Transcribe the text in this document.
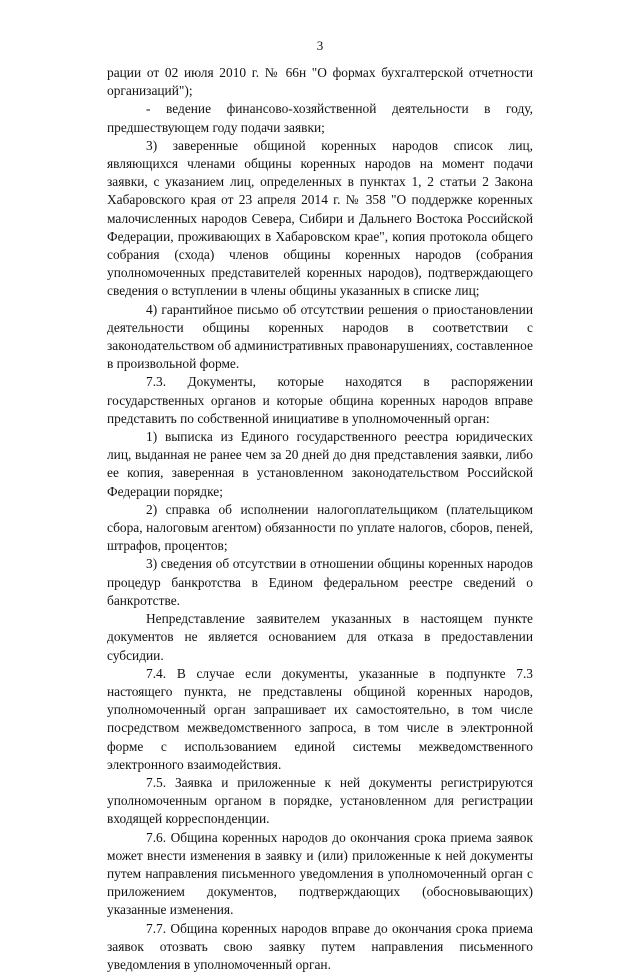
3

рации от 02 июля 2010 г. № 66н "О формах бухгалтерской отчетности организаций");

- ведение финансово-хозяйственной деятельности в году, предшествующем году подачи заявки;

3) заверенные общиной коренных народов список лиц, являющихся членами общины коренных народов на момент подачи заявки, с указанием лиц, определенных в пунктах 1, 2 статьи 2 Закона Хабаровского края от 23 апреля 2014 г. № 358 "О поддержке коренных малочисленных народов Севера, Сибири и Дальнего Востока Российской Федерации, проживающих в Хабаровском крае", копия протокола общего собрания (схода) членов общины коренных народов (собрания уполномоченных представителей коренных народов), подтверждающего сведения о вступлении в члены общины указанных в списке лиц;

4) гарантийное письмо об отсутствии решения о приостановлении деятельности общины коренных народов в соответствии с законодательством об административных правонарушениях, составленное в произвольной форме.

7.3. Документы, которые находятся в распоряжении государственных органов и которые община коренных народов вправе представить по собственной инициативе в уполномоченный орган:

1) выписка из Единого государственного реестра юридических лиц, выданная не ранее чем за 20 дней до дня представления заявки, либо ее копия, заверенная в установленном законодательством Российской Федерации порядке;

2) справка об исполнении налогоплательщиком (плательщиком сбора, налоговым агентом) обязанности по уплате налогов, сборов, пеней, штрафов, процентов;

3) сведения об отсутствии в отношении общины коренных народов процедур банкротства в Едином федеральном реестре сведений о банкротстве.

Непредставление заявителем указанных в настоящем пункте документов не является основанием для отказа в предоставлении субсидии.

7.4. В случае если документы, указанные в подпункте 7.3 настоящего пункта, не представлены общиной коренных народов, уполномоченный орган запрашивает их самостоятельно, в том числе посредством межведомственного запроса, в том числе в электронной форме с использованием единой системы межведомственного электронного взаимодействия.

7.5. Заявка и приложенные к ней документы регистрируются уполномоченным органом в порядке, установленном для регистрации входящей корреспонденции.

7.6. Община коренных народов до окончания срока приема заявок может внести изменения в заявку и (или) приложенные к ней документы путем направления письменного уведомления в уполномоченный орган с приложением документов, подтверждающих (обосновывающих) указанные изменения.

7.7. Община коренных народов вправе до окончания срока приема заявок отозвать свою заявку путем направления письменного уведомления в уполномоченный орган.
